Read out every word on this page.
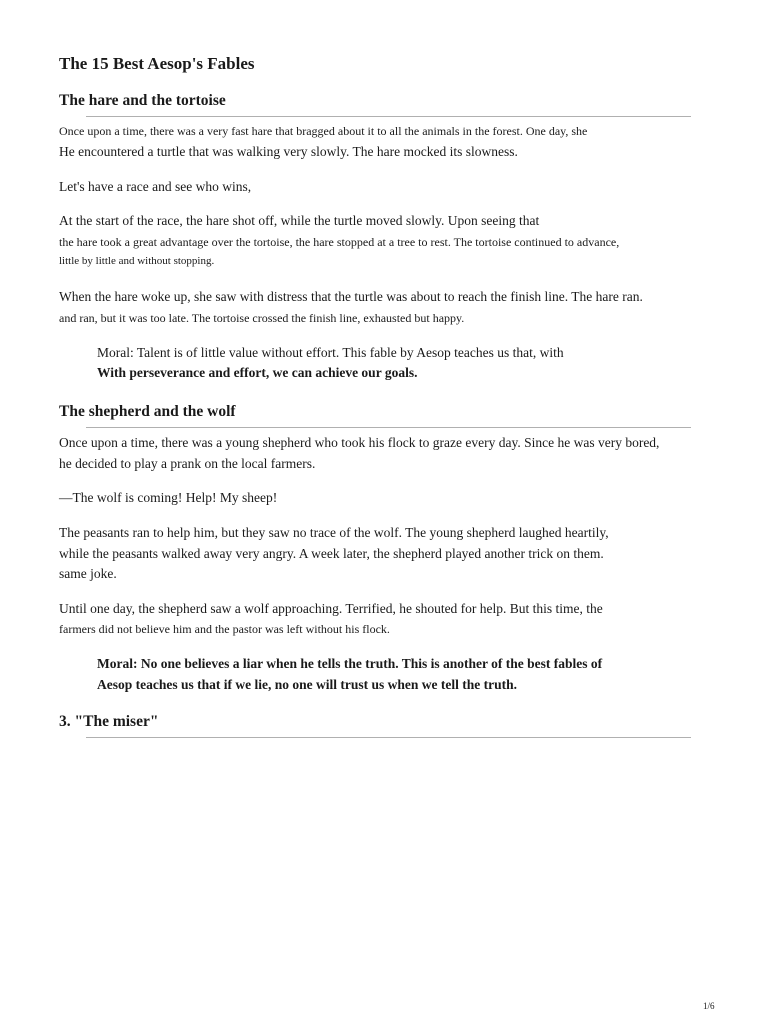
The 15 Best Aesop's Fables
The hare and the tortoise

Once upon a time, there was a very fast hare that bragged about it to all the animals in the forest. One day, she

He encountered a turtle that was walking very slowly. The hare mocked its slowness.

Let's have a race and see who wins,

At the start of the race, the hare shot off, while the turtle moved slowly. Upon seeing that

the hare took a great advantage over the tortoise, the hare stopped at a tree to rest. The tortoise continued to advance,

little by little and without stopping.

When the hare woke up, she saw with distress that the turtle was about to reach the finish line. The hare ran.

and ran, but it was too late. The tortoise crossed the finish line, exhausted but happy.

Moral: Talent is of little value without effort. This fable by Aesop teaches us that, with

With perseverance and effort, we can achieve our goals.

The shepherd and the wolf

Once upon a time, there was a young shepherd who took his flock to graze every day. Since he was very bored,

he decided to play a prank on the local farmers.

—The wolf is coming! Help! My sheep!

The peasants ran to help him, but they saw no trace of the wolf. The young shepherd laughed heartily,

while the peasants walked away very angry. A week later, the shepherd played another trick on them.

same joke.

Until one day, the shepherd saw a wolf approaching. Terrified, he shouted for help. But this time, the

farmers did not believe him and the pastor was left without his flock.

Moral: No one believes a liar when he tells the truth. This is another of the best fables of

Aesop teaches us that if we lie, no one will trust us when we tell the truth.

3. "The miser"
1/6
